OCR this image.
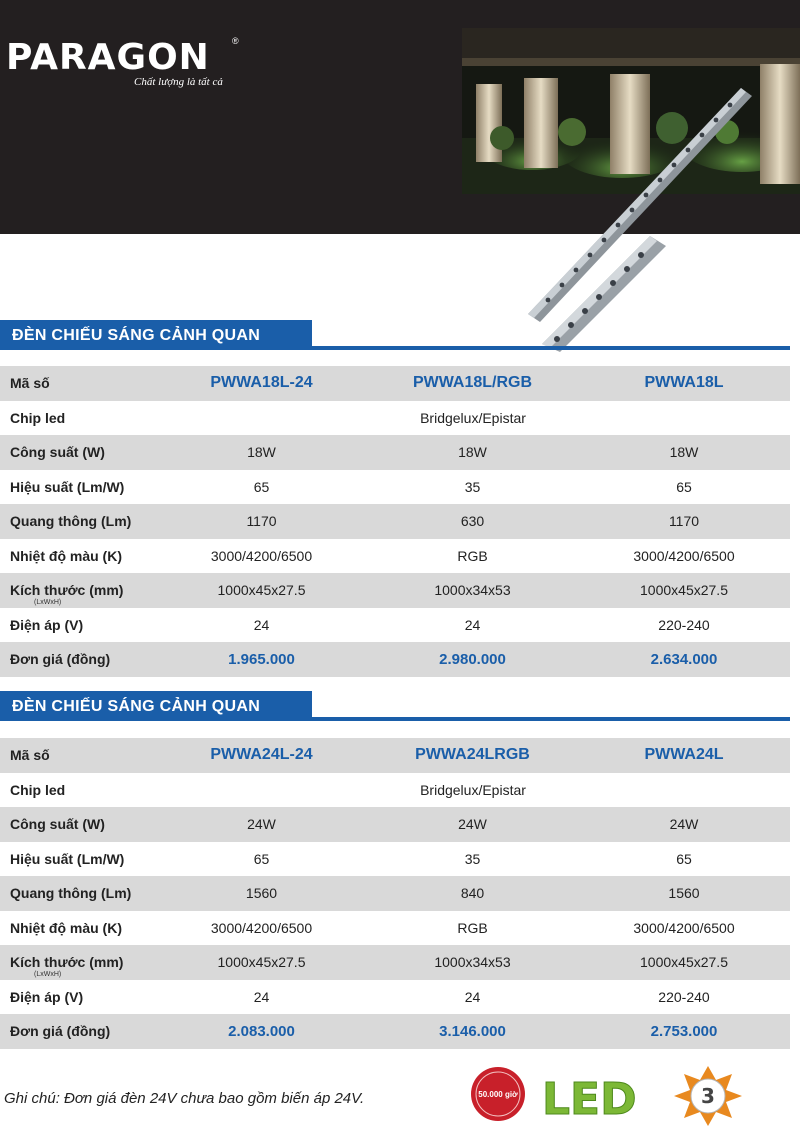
PARAGON ®
Chất lượng là tất cả
ĐÈN CHIẾU SÁNG CẢNH QUAN
Mã số	PWWA18L-24	PWWA18L/RGB	PWWA18L
Chip led	Bridgelux/Epistar		
Công suất (W)	18W	18W	18W
Hiệu suất (Lm/W)	65	35	65
Quang thông (Lm)	1170	630	1170
Nhiệt độ màu (K)	3000/4200/6500	RGB	3000/4200/6500
Kích thước (mm)
(LxWxH)	1000x45x27.5	1000x34x53	1000x45x27.5
Điện áp (V)	24	24	220-240
Đơn giá (đồng)	1.965.000	2.980.000	2.634.000
ĐÈN CHIẾU SÁNG CẢNH QUAN
Mã số	PWWA24L-24	PWWA24LRGB	PWWA24L
Chip led	Bridgelux/Epistar		
Công suất (W)	24W	24W	24W
Hiệu suất (Lm/W)	65	35	65
Quang thông (Lm)	1560	840	1560
Nhiệt độ màu (K)	3000/4200/6500	RGB	3000/4200/6500
Kích thước (mm)
(LxWxH)	1000x45x27.5	1000x34x53	1000x45x27.5
Điện áp (V)	24	24	220-240
Đơn giá (đồng)	2.083.000	3.146.000	2.753.000
Ghi chú: Đơn giá đèn 24V chưa bao gồm biến áp 24V.	50.000 giờ LED	3
